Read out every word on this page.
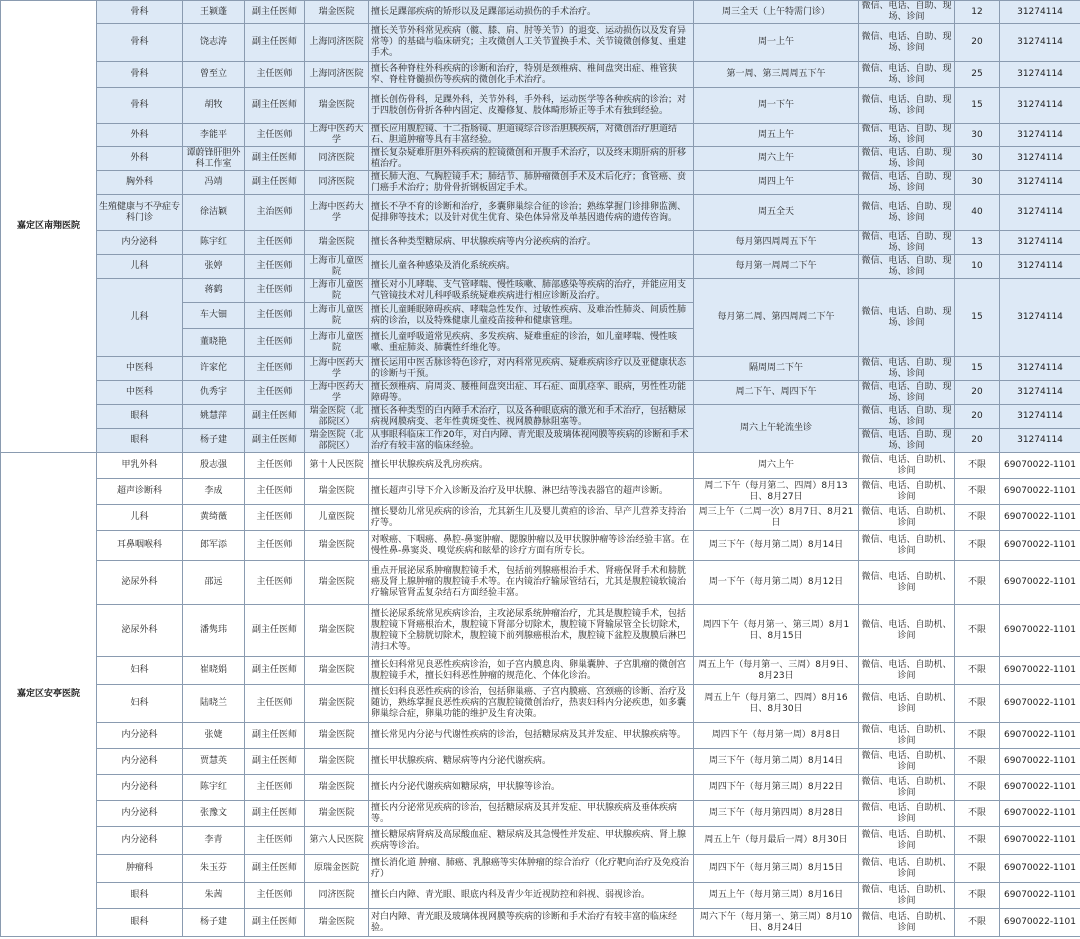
嘉定区南翔医院	骨科	王颍蓬	副主任医师	瑞金医院	擅长足踝部疾病的矫形以及足踝部运动损伤的手术治疗。	周三全天（上午特需门诊）	微信、电话、自助、现场、诊间	12	31274114
	骨科	饶志涛	副主任医师	上海同济医院	擅长关节外科常见疾病（髋、膝、肩、肘等关节）的退变、运动损伤以及发育异常等）的基础与临床研究；主攻微创人工关节置换手术、关节镜微创修复、重建手术。	周一上午	微信、电话、自助、现场、诊间	20	31274114
	骨科	曾至立	主任医师	上海同济医院	擅长各种脊柱外科疾病的诊断和治疗，特别是颈椎病、椎间盘突出症、椎管狭窄、脊柱脊髓损伤等疾病的微创化手术治疗。	第一周、第三周周五下午	微信、电话、自助、现场、诊间	25	31274114
	骨科	胡牧	副主任医师	瑞金医院	擅长创伤骨科，足踝外科，关节外科，手外科，运动医学等各种疾病的诊治；对于四肢创伤骨折各种内固定、皮瓣修复、肢体畸形矫正等手术有独到经验。	周一下午	微信、电话、自助、现场、诊间	15	31274114
	外科	李能平	主任医师	上海中医药大学	擅长应用腹腔镜、十二指肠镜、胆道镜综合诊治胆胰疾病，对微创治疗胆道结石、胆道肿瘤等具有丰富经验。	周五上午	微信、电话、自助、现场、诊间	30	31274114
	外科	谭蔚锋肝胆外科工作室	副主任医师	同济医院	擅长复杂疑难肝胆外科疾病的腔镜微创和开腹手术治疗，以及终末期肝病的肝移植治疗。	周六上午	微信、电话、自助、现场、诊间	30	31274114
	胸外科	冯靖	副主任医师	同济医院	擅长肺大泡、气胸腔镜手术；肺结节、肺肿瘤微创手术及术后化疗；食管癌、贲门癌手术治疗；肋骨骨折钢板固定手术。	周四上午	微信、电话、自助、现场、诊间	30	31274114
	生殖健康与不孕症专科门诊	徐洁颖	主治医师	上海中医药大学	擅长不孕不育的诊断和治疗，多囊卵巢综合征的诊治；熟练掌握门诊排卵监测、促排卵等技术；以及针对优生优育、染色体异常及单基因遗传病的遗传咨询。	周五全天	微信、电话、自助、现场、诊间	40	31274114
	内分泌科	陈宇红	主任医师	瑞金医院	擅长各种类型糖尿病、甲状腺疾病等内分泌疾病的治疗。	每月第四周周五下午	微信、电话、自助、现场、诊间	13	31274114
	儿科	张婷	主任医师	上海市儿童医院	擅长儿童各种感染及消化系统疾病。	每月第一周周二下午	微信、电话、自助、现场、诊间	10	31274114
	儿科	蒋鹤	主任医师	上海市儿童医院	擅长对小儿哮喘、支气管哮喘、慢性咳嗽、肺部感染等疾病的治疗，并能应用支气管镜技术对儿科呼吸系统疑难疾病进行相应诊断及治疗。	每月第二周、第四周周二下午	微信、电话、自助、现场、诊间	15	31274114
		车大钿	主任医师	上海市儿童医院	擅长儿童睡眠障碍疾病、哮喘急性发作、过敏性疾病、及难治性肺炎、间质性肺病的诊治，以及特殊健康儿童疫苗接种和健康管理。				
		董晓艳	主任医师	上海市儿童医院	擅长儿童呼吸道常见疾病、多发疾病、疑难重症的诊治，如儿童哮喘、慢性咳嗽、重症肺炎、肺囊性纤维化等。				
	中医科	许家佗	主任医师	上海中医药大学	擅长运用中医舌脉诊特色诊疗，对内科常见疾病、疑难疾病诊疗以及亚健康状态的诊断与干预。	隔周周二下午	微信、电话、自助、现场、诊间	15	31274114
	中医科	仇秀宇	主任医师	上海中医药大学	擅长颈椎病、肩周炎、腰椎间盘突出症、耳石症、面肌痉挛、眼病，男性性功能障碍等。	周二下午、周四下午	微信、电话、自助、现场、诊间	20	31274114
	眼科	姚慧萍	副主任医师	瑞金医院（北部院区）	擅长各种类型的白内障手术治疗，以及各种眼底病的激光和手术治疗，包括糖尿病视网膜病变、老年性黄斑变性、视网膜静脉阻塞等。	周六上午轮流坐诊	微信、电话、自助、现场、诊间	20	31274114
	眼科	杨子建	副主任医师	瑞金医院（北部院区）	从事眼科临床工作20年，对白内障、青光眼及玻璃体视网膜等疾病的诊断和手术治疗有较丰富的临床经验。		微信、电话、自助、现场、诊间	20	31274114
嘉定区安亭医院	甲乳外科	殷志强	主任医师	第十人民医院	擅长甲状腺疾病及乳房疾病。	周六上午	微信、电话、自助机、诊间	不限	69070022-1101
	超声诊断科	李成	主任医师	瑞金医院	擅长超声引导下介入诊断及治疗及甲状腺、淋巴结等浅表器官的超声诊断。	周二下午（每月第二、四周）8月13日、8月27日	微信、电话、自助机、诊间	不限	69070022-1101
	儿科	黄绮薇	主任医师	儿童医院	擅长婴幼儿常见疾病的诊治，尤其新生儿及婴儿黄疸的诊治、早产儿营养支持治疗等。	周三上午（二周一次）8月7日、8月21日	微信、电话、自助机、诊间	不限	69070022-1101
	耳鼻咽喉科	郎军添	主任医师	瑞金医院	对喉癌、下咽癌、鼻腔-鼻窦肿瘤、腮腺肿瘤以及甲状腺肿瘤等诊治经验丰富。在慢性鼻-鼻窦炎、嗅觉疾病和眩晕的诊疗方面有所专长。	周三下午（每月第二周）8月14日	微信、电话、自助机、诊间	不限	69070022-1101
	泌尿外科	邵远	主任医师	瑞金医院	重点开展泌尿系肿瘤腹腔镜手术，包括前列腺癌根治手术、肾癌保肾手术和膀胱癌及肾上腺肿瘤的腹腔镜手术等。在内镜治疗输尿管结石，尤其是腹腔镜软镜治疗输尿管肾盂复杂结石方面经验丰富。	周一下午（每月第二周）8月12日	微信、电话、自助机、诊间	不限	69070022-1101
	泌尿外科	潘隽玮	副主任医师	瑞金医院	擅长泌尿系统常见疾病诊治，主攻泌尿系统肿瘤治疗，尤其是腹腔镜手术，包括腹腔镜下肾癌根治术，腹腔镜下肾部分切除术，腹腔镜下肾输尿管全长切除术，腹腔镜下全膀胱切除术，腹腔镜下前列腺癌根治术，腹腔镜下盆腔及腹膜后淋巴清扫术等。	周四下午（每月第一、第三周）8月1日、8月15日	微信、电话、自助机、诊间	不限	69070022-1101
	妇科	崔晓娟	副主任医师	瑞金医院	擅长妇科常见良恶性疾病诊治，如子宫内膜息肉、卵巢囊肿、子宫肌瘤的微创宫腹腔镜手术，擅长妇科恶性肿瘤的规范化、个体化诊治。	周五上午（每月第一、三周）8月9日、8月23日	微信、电话、自助机、诊间	不限	69070022-1101
	妇科	陆晓兰	主任医师	瑞金医院	擅长妇科良恶性疾病的诊治，包括卵巢癌、子宫内膜癌、宫颈癌的诊断、治疗及随访，熟练掌握良恶性疾病的宫腹腔镜微创治疗，热衷妇科内分泌疾患，如多囊卵巢综合症，卵巢功能的维护及生育决策。	周五上午（每月第二、四周）8月16日、8月30日	微信、电话、自助机、诊间	不限	69070022-1101
	内分泌科	张婕	副主任医师	瑞金医院	擅长常见内分泌与代谢性疾病的诊治，包括糖尿病及其并发症、甲状腺疾病等。	周四下午（每月第一周）8月8日	微信、电话、自助机、诊间	不限	69070022-1101
	内分泌科	贾慧英	副主任医师	瑞金医院	擅长甲状腺疾病、糖尿病等内分泌代谢疾病。	周三下午（每月第二周）8月14日	微信、电话、自助机、诊间	不限	69070022-1101
	内分泌科	陈宇红	主任医师	瑞金医院	擅长内分泌代谢疾病如糖尿病，甲状腺等诊治。	周四下午（每月第三周）8月22日	微信、电话、自助机、诊间	不限	69070022-1101
	内分泌科	张豫文	副主任医师	瑞金医院	擅长内分泌常见疾病的诊治，包括糖尿病及其并发症、甲状腺疾病及垂体疾病等。	周三下午（每月第四周）8月28日	微信、电话、自助机、诊间	不限	69070022-1101
	内分泌科	李青	主任医师	第六人民医院	擅长糖尿病肾病及高尿酸血症、糖尿病及其急慢性并发症、甲状腺疾病、肾上腺疾病等诊治。	周五上午（每月最后一周）8月30日	微信、电话、自助机、诊间	不限	69070022-1101
	肿瘤科	朱玉芬	副主任医师	原瑞金医院	擅长消化道 肿瘤、肺癌、乳腺癌等实体肿瘤的综合治疗（化疗靶向治疗及免疫治疗）	周四下午（每月第三周）8月15日	微信、电话、自助机、诊间	不限	69070022-1101
	眼科	朱茜	主任医师	同济医院	擅长白内障、青光眼、眼底内科及青少年近视防控和斜视、弱视诊治。	周五上午（每月第三周）8月16日	微信、电话、自助机、诊间	不限	69070022-1101
	眼科	杨子建	副主任医师	瑞金医院	对白内障、青光眼及玻璃体视网膜等疾病的诊断和手术治疗有较丰富的临床经验。	周六下午（每月第一、第三周）8月10日、8月24日	微信、电话、自助机、诊间	不限	69070022-1101
